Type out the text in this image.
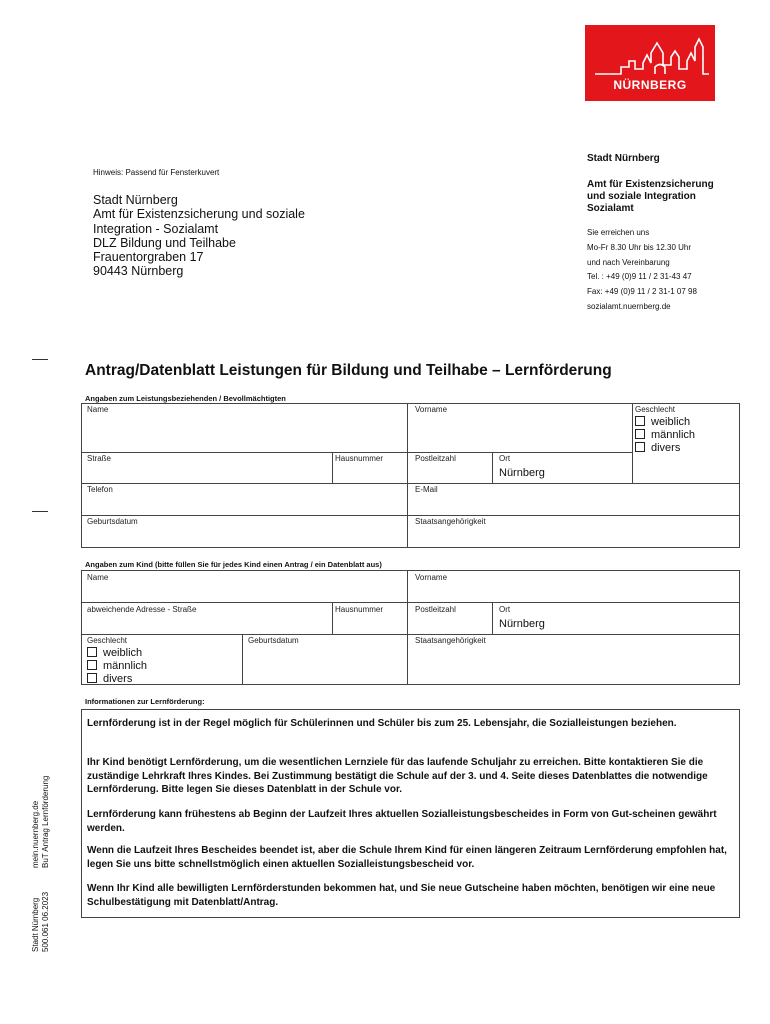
NÜRNBERG
Stadt Nürnberg
Amt für Existenzsicherung
und soziale Integration
Sozialamt
Sie erreichen uns
Mo-Fr 8.30 Uhr bis 12.30 Uhr
und nach Vereinbarung
Tel. : +49 (0)9 11 / 2 31-43 47
Fax: +49 (0)9 11 / 2 31-1 07 98
sozialamt.nuernberg.de
Hinweis: Passend für Fensterkuvert
Stadt Nürnberg
Amt für Existenzsicherung und soziale
Integration - Sozialamt
DLZ Bildung und Teilhabe
Frauentorgraben 17
90443 Nürnberg
Antrag/Datenblatt Leistungen für Bildung und Teilhabe – Lernförderung
Angaben zum Leistungsbeziehenden / Bevollmächtigten
Name	Vorname	Geschlecht
weiblich
männlich
divers
Straße	Hausnummer	Postleitzahl	Ort
Nürnberg
Telefon	E-Mail
Geburtsdatum	Staatsangehörigkeit
Angaben zum Kind (bitte füllen Sie für jedes Kind einen Antrag / ein Datenblatt aus)
Name	Vorname
abweichende Adresse - Straße	Hausnummer	Postleitzahl	Ort
Nürnberg
Geschlecht
weiblich
männlich
divers
Geburtsdatum	Staatsangehörigkeit
Informationen zur Lernförderung:
Lernförderung ist in der Regel möglich für Schülerinnen und Schüler bis zum 25. Lebensjahr, die Sozialleistungen beziehen.
Ihr Kind benötigt Lernförderung, um die wesentlichen Lernziele für das laufende Schuljahr zu erreichen. Bitte kontaktieren Sie die zuständige Lehrkraft Ihres Kindes. Bei Zustimmung bestätigt die Schule auf der 3. und 4. Seite dieses Datenblattes die notwendige Lernförderung. Bitte legen Sie dieses Datenblatt in der Schule vor.
Lernförderung kann frühestens ab Beginn der Laufzeit Ihres aktuellen Sozialleistungsbescheides in Form von Gut-scheinen gewährt werden.
Wenn die Laufzeit Ihres Bescheides beendet ist, aber die Schule Ihrem Kind für einen längeren Zeitraum Lernförderung empfohlen hat, legen Sie uns bitte schnellstmöglich einen aktuellen Sozialleistungsbescheid vor.
Wenn Ihr Kind alle bewilligten Lernförderstunden bekommen hat, und Sie neue Gutscheine haben möchten, benötigen wir eine neue Schulbestätigung mit Datenblatt/Antrag.
mein.nuernberg.de BuT Antrag Lernförderung
Stadt Nürnberg 500.061 06.2023
